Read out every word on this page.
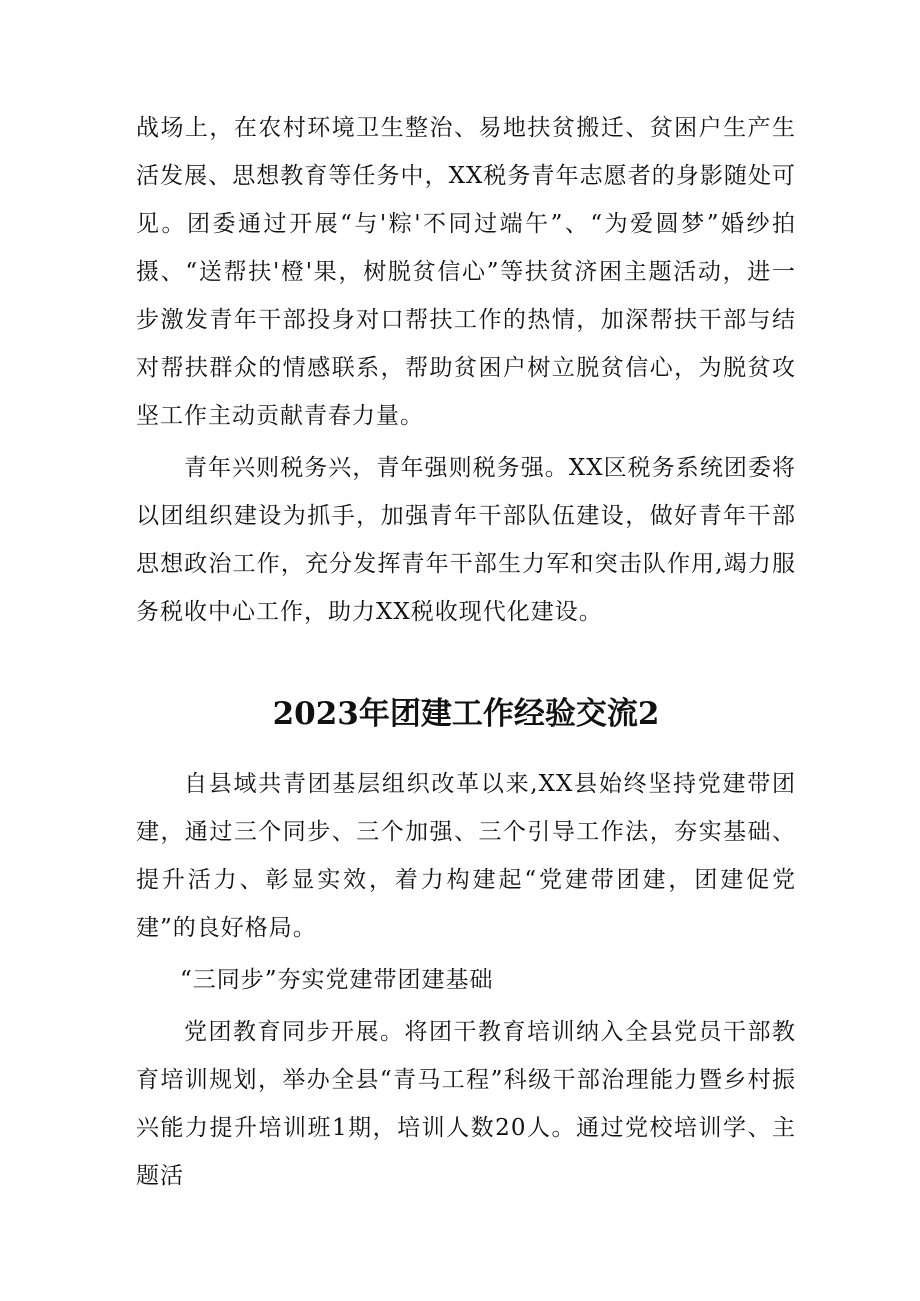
战场上，在农村环境卫生整治、易地扶贫搬迁、贫困户生产生活发展、思想教育等任务中，XX税务青年志愿者的身影随处可见。团委通过开展“与'粽'不同过端午”、“为爱圆梦”婚纱拍摄、“送帮扶'橙'果，树脱贫信心”等扶贫济困主题活动，进一步激发青年干部投身对口帮扶工作的热情，加深帮扶干部与结对帮扶群众的情感联系，帮助贫困户树立脱贫信心，为脱贫攻坚工作主动贡献青春力量。

青年兴则税务兴，青年强则税务强。XX区税务系统团委将以团组织建设为抓手，加强青年干部队伍建设，做好青年干部思想政治工作，充分发挥青年干部生力军和突击队作用,竭力服务税收中心工作，助力XX税收现代化建设。

2023年团建工作经验交流2

自县域共青团基层组织改革以来,XX县始终坚持党建带团建，通过三个同步、三个加强、三个引导工作法，夯实基础、提升活力、彰显实效，着力构建起“党建带团建，团建促党建”的良好格局。

“三同步”夯实党建带团建基础

党团教育同步开展。将团干教育培训纳入全县党员干部教育培训规划，举办全县“青马工程”科级干部治理能力暨乡村振兴能力提升培训班1期，培训人数20人。通过党校培训学、主题活
